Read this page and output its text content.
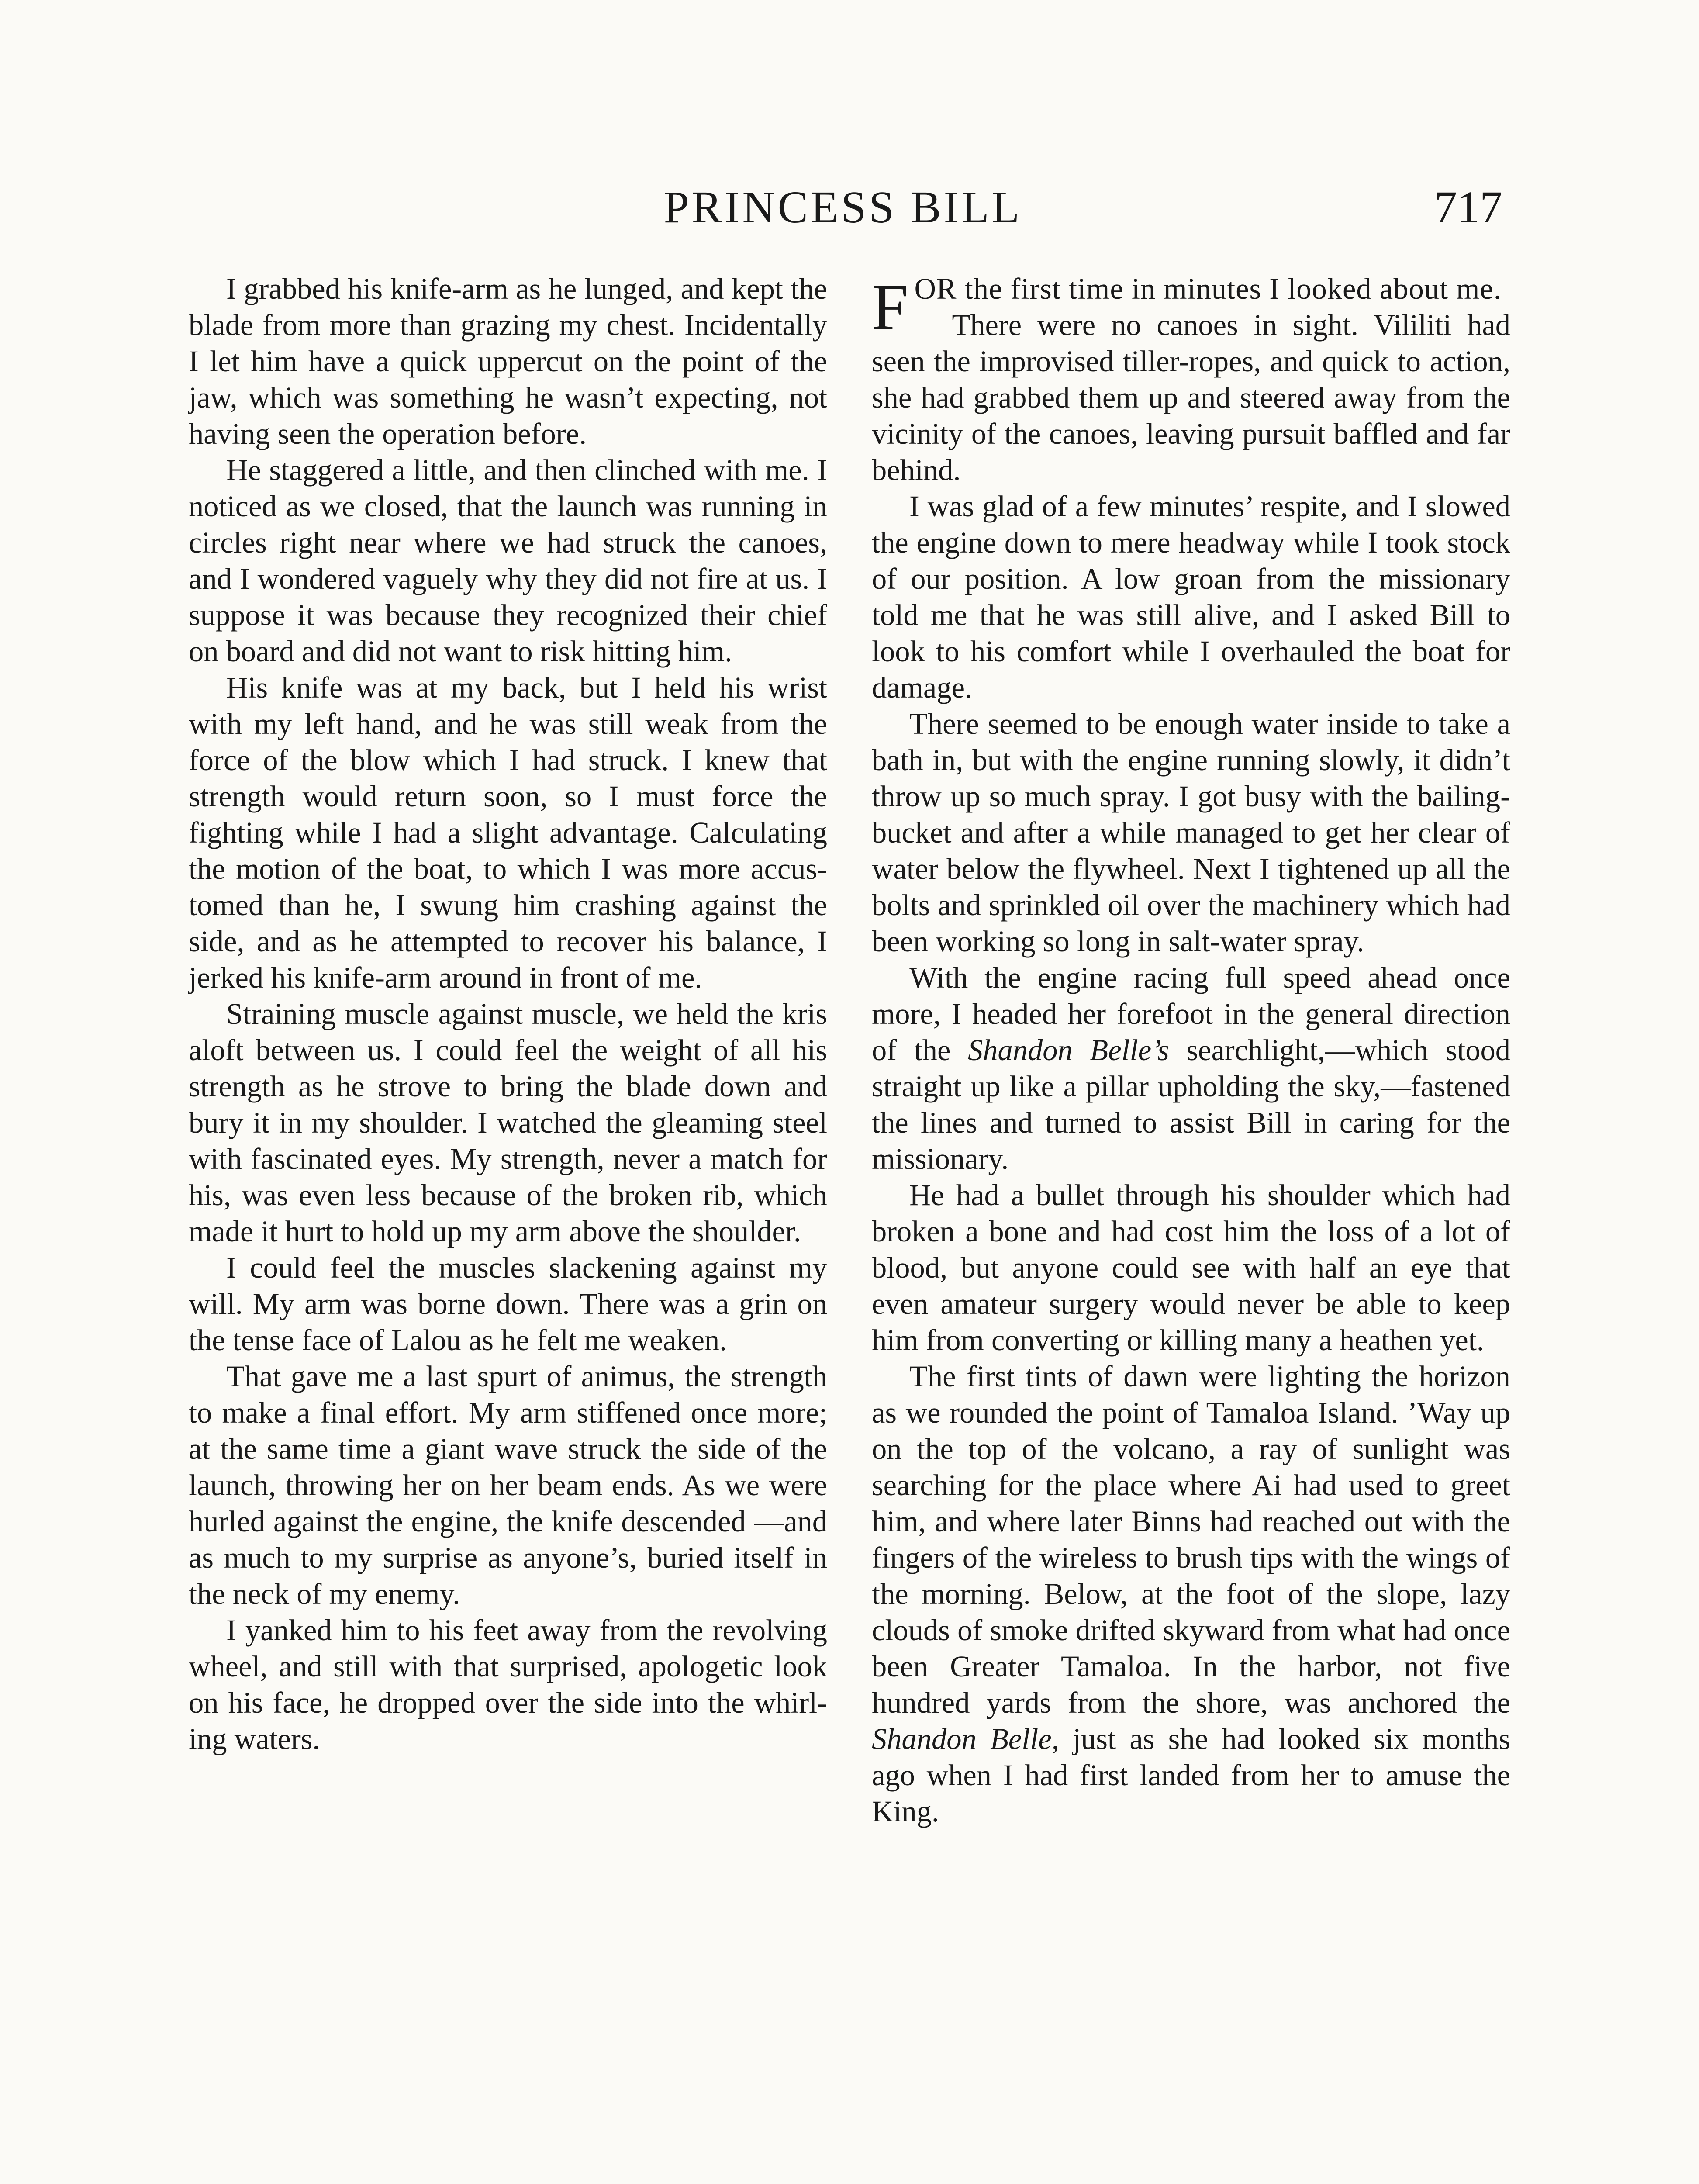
PRINCESS BILL	717

I grabbed his knife-arm as he lunged, and kept the blade from more than grazing my chest. Incidentally I let him have a quick uppercut on the point of the jaw, which was something he wasn’t expecting, not having seen the operation before.

He staggered a little, and then clinched with me. I noticed as we closed, that the launch was running in circles right near where we had struck the canoes, and I wondered vaguely why they did not fire at us. I suppose it was because they recognized their chief on board and did not want to risk hitting him.

His knife was at my back, but I held his wrist with my left hand, and he was still weak from the force of the blow which I had struck. I knew that strength would return soon, so I must force the fighting while I had a slight advantage. Calculating the motion of the boat, to which I was more accustomed than he, I swung him crashing against the side, and as he attempted to recover his balance, I jerked his knife-arm around in front of me.

Straining muscle against muscle, we held the kris aloft between us. I could feel the weight of all his strength as he strove to bring the blade down and bury it in my shoulder. I watched the gleaming steel with fascinated eyes. My strength, never a match for his, was even less because of the broken rib, which made it hurt to hold up my arm above the shoulder.

I could feel the muscles slackening against my will. My arm was borne down. There was a grin on the tense face of Lalou as he felt me weaken.

That gave me a last spurt of animus, the strength to make a final effort. My arm stiffened once more; at the same time a giant wave struck the side of the launch, throwing her on her beam ends. As we were hurled against the engine, the knife descended —and as much to my surprise as anyone’s, buried itself in the neck of my enemy.

I yanked him to his feet away from the revolving wheel, and still with that surprised, apologetic look on his face, he dropped over the side into the whirling waters.

FOR the first time in minutes I looked about me.

There were no canoes in sight. Vililiti had seen the improvised tiller-ropes, and quick to action, she had grabbed them up and steered away from the vicinity of the canoes, leaving pursuit baffled and far behind.

I was glad of a few minutes’ respite, and I slowed the engine down to mere headway while I took stock of our position. A low groan from the missionary told me that he was still alive, and I asked Bill to look to his comfort while I overhauled the boat for damage.

There seemed to be enough water inside to take a bath in, but with the engine running slowly, it didn’t throw up so much spray. I got busy with the bailing-bucket and after a while managed to get her clear of water below the flywheel. Next I tightened up all the bolts and sprinkled oil over the machinery which had been working so long in salt-water spray.

With the engine racing full speed ahead once more, I headed her forefoot in the general direction of the Shandon Belle’s searchlight,—which stood straight up like a pillar upholding the sky,—fastened the lines and turned to assist Bill in caring for the missionary.

He had a bullet through his shoulder which had broken a bone and had cost him the loss of a lot of blood, but anyone could see with half an eye that even amateur surgery would never be able to keep him from converting or killing many a heathen yet.

The first tints of dawn were lighting the horizon as we rounded the point of Tamaloa Island. ’Way up on the top of the volcano, a ray of sunlight was searching for the place where Ai had used to greet him, and where later Binns had reached out with the fingers of the wireless to brush tips with the wings of the morning. Below, at the foot of the slope, lazy clouds of smoke drifted skyward from what had once been Greater Tamaloa. In the harbor, not five hundred yards from the shore, was anchored the Shandon Belle, just as she had looked six months ago when I had first landed from her to amuse the King.
